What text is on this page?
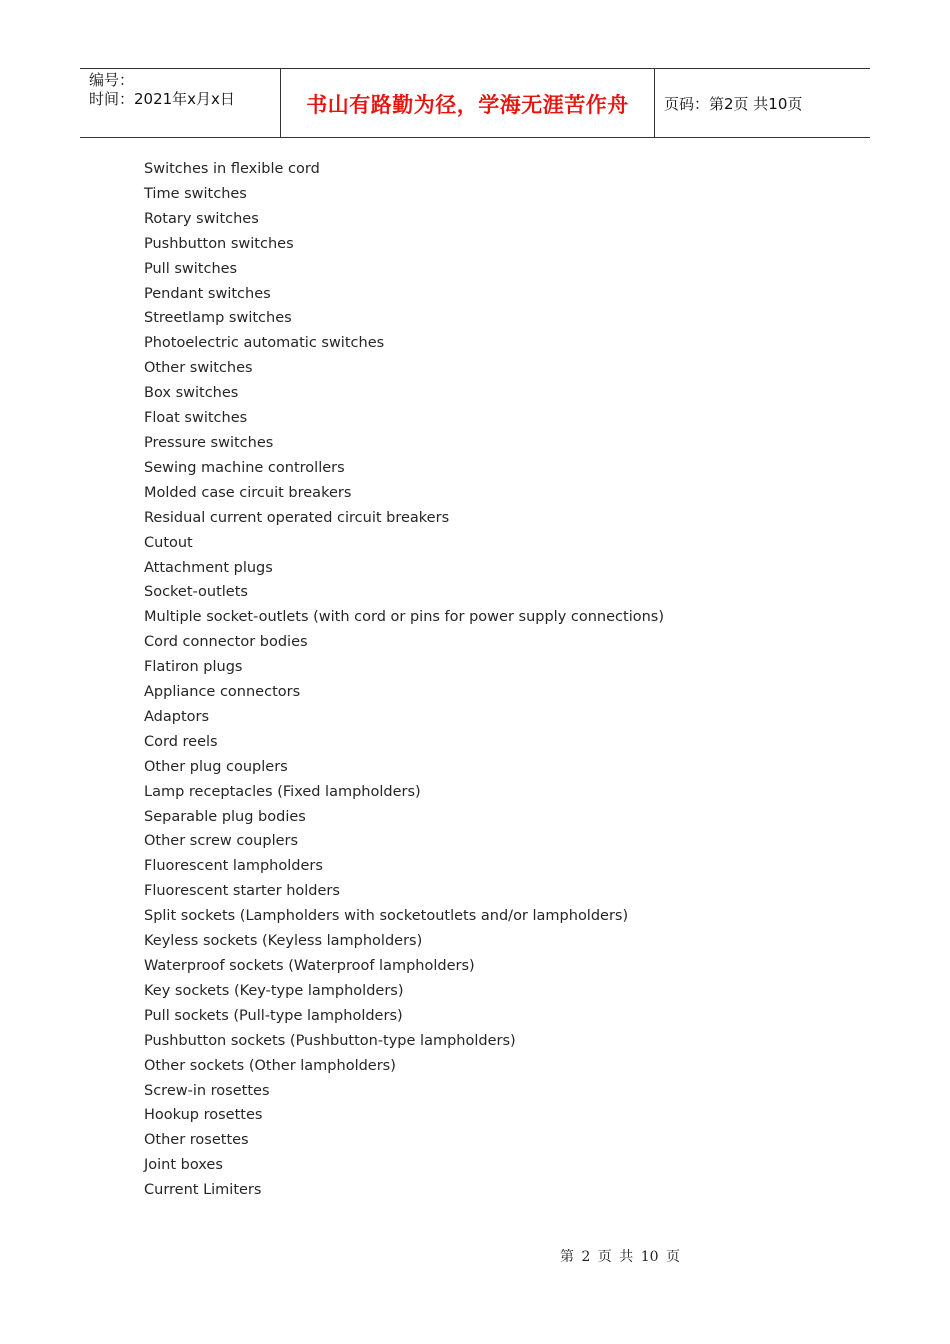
编号：
时间：2021年x月x日	书山有路勤为径，学海无涯苦作舟 页码：第2页 共10页
Switches in flexible cord
Time switches
Rotary switches
Pushbutton switches
Pull switches
Pendant switches
Streetlamp switches
Photoelectric automatic switches
Other switches
Box switches
Float switches
Pressure switches
Sewing machine controllers
Molded case circuit breakers
Residual current operated circuit breakers
Cutout
Attachment plugs
Socket-outlets
Multiple socket-outlets (with cord or pins for power supply connections)
Cord connector bodies
Flatiron plugs
Appliance connectors
Adaptors
Cord reels
Other plug couplers
Lamp receptacles (Fixed lampholders)
Separable plug bodies
Other screw couplers
Fluorescent lampholders
Fluorescent starter holders
Split sockets (Lampholders with socketoutlets and/or lampholders)
Keyless sockets (Keyless lampholders)
Waterproof sockets (Waterproof lampholders)
Key sockets (Key-type lampholders)
Pull sockets (Pull-type lampholders)
Pushbutton sockets (Pushbutton-type lampholders)
Other sockets (Other lampholders)
Screw-in rosettes
Hookup rosettes
Other rosettes
Joint boxes
Current Limiters
第 2 页 共 10 页
